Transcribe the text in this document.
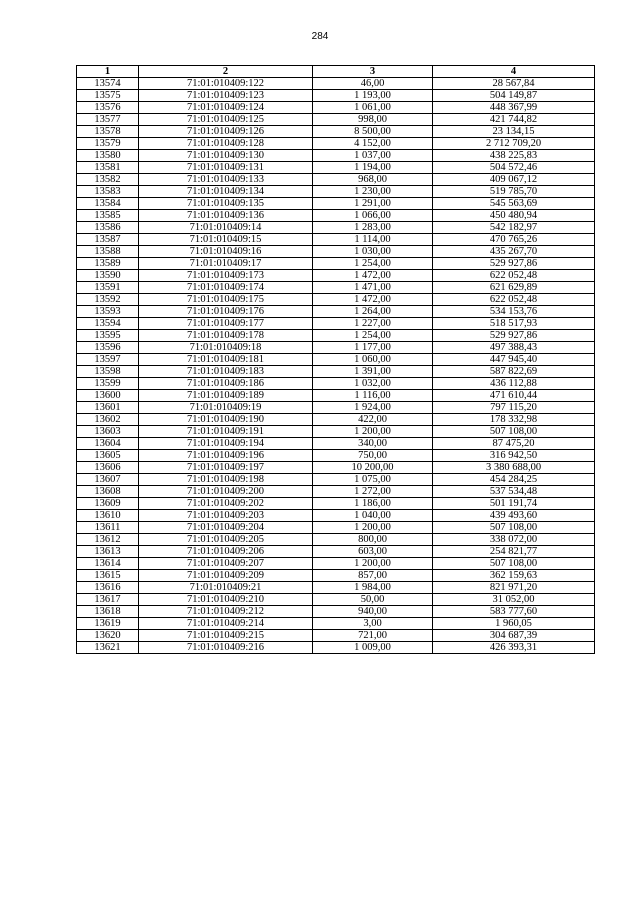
284
1	2	3	4
13574	71:01:010409:122	46,00	28 567,84
13575	71:01:010409:123	1 193,00	504 149,87
13576	71:01:010409:124	1 061,00	448 367,99
13577	71:01:010409:125	998,00	421 744,82
13578	71:01:010409:126	8 500,00	23 134,15
13579	71:01:010409:128	4 152,00	2 712 709,20
13580	71:01:010409:130	1 037,00	438 225,83
13581	71:01:010409:131	1 194,00	504 572,46
13582	71:01:010409:133	968,00	409 067,12
13583	71:01:010409:134	1 230,00	519 785,70
13584	71:01:010409:135	1 291,00	545 563,69
13585	71:01:010409:136	1 066,00	450 480,94
13586	71:01:010409:14	1 283,00	542 182,97
13587	71:01:010409:15	1 114,00	470 765,26
13588	71:01:010409:16	1 030,00	435 267,70
13589	71:01:010409:17	1 254,00	529 927,86
13590	71:01:010409:173	1 472,00	622 052,48
13591	71:01:010409:174	1 471,00	621 629,89
13592	71:01:010409:175	1 472,00	622 052,48
13593	71:01:010409:176	1 264,00	534 153,76
13594	71:01:010409:177	1 227,00	518 517,93
13595	71:01:010409:178	1 254,00	529 927,86
13596	71:01:010409:18	1 177,00	497 388,43
13597	71:01:010409:181	1 060,00	447 945,40
13598	71:01:010409:183	1 391,00	587 822,69
13599	71:01:010409:186	1 032,00	436 112,88
13600	71:01:010409:189	1 116,00	471 610,44
13601	71:01:010409:19	1 924,00	797 115,20
13602	71:01:010409:190	422,00	178 332,98
13603	71:01:010409:191	1 200,00	507 108,00
13604	71:01:010409:194	340,00	87 475,20
13605	71:01:010409:196	750,00	316 942,50
13606	71:01:010409:197	10 200,00	3 380 688,00
13607	71:01:010409:198	1 075,00	454 284,25
13608	71:01:010409:200	1 272,00	537 534,48
13609	71:01:010409:202	1 186,00	501 191,74
13610	71:01:010409:203	1 040,00	439 493,60
13611	71:01:010409:204	1 200,00	507 108,00
13612	71:01:010409:205	800,00	338 072,00
13613	71:01:010409:206	603,00	254 821,77
13614	71:01:010409:207	1 200,00	507 108,00
13615	71:01:010409:209	857,00	362 159,63
13616	71:01:010409:21	1 984,00	821 971,20
13617	71:01:010409:210	50,00	31 052,00
13618	71:01:010409:212	940,00	583 777,60
13619	71:01:010409:214	3,00	1 960,05
13620	71:01:010409:215	721,00	304 687,39
13621	71:01:010409:216	1 009,00	426 393,31
